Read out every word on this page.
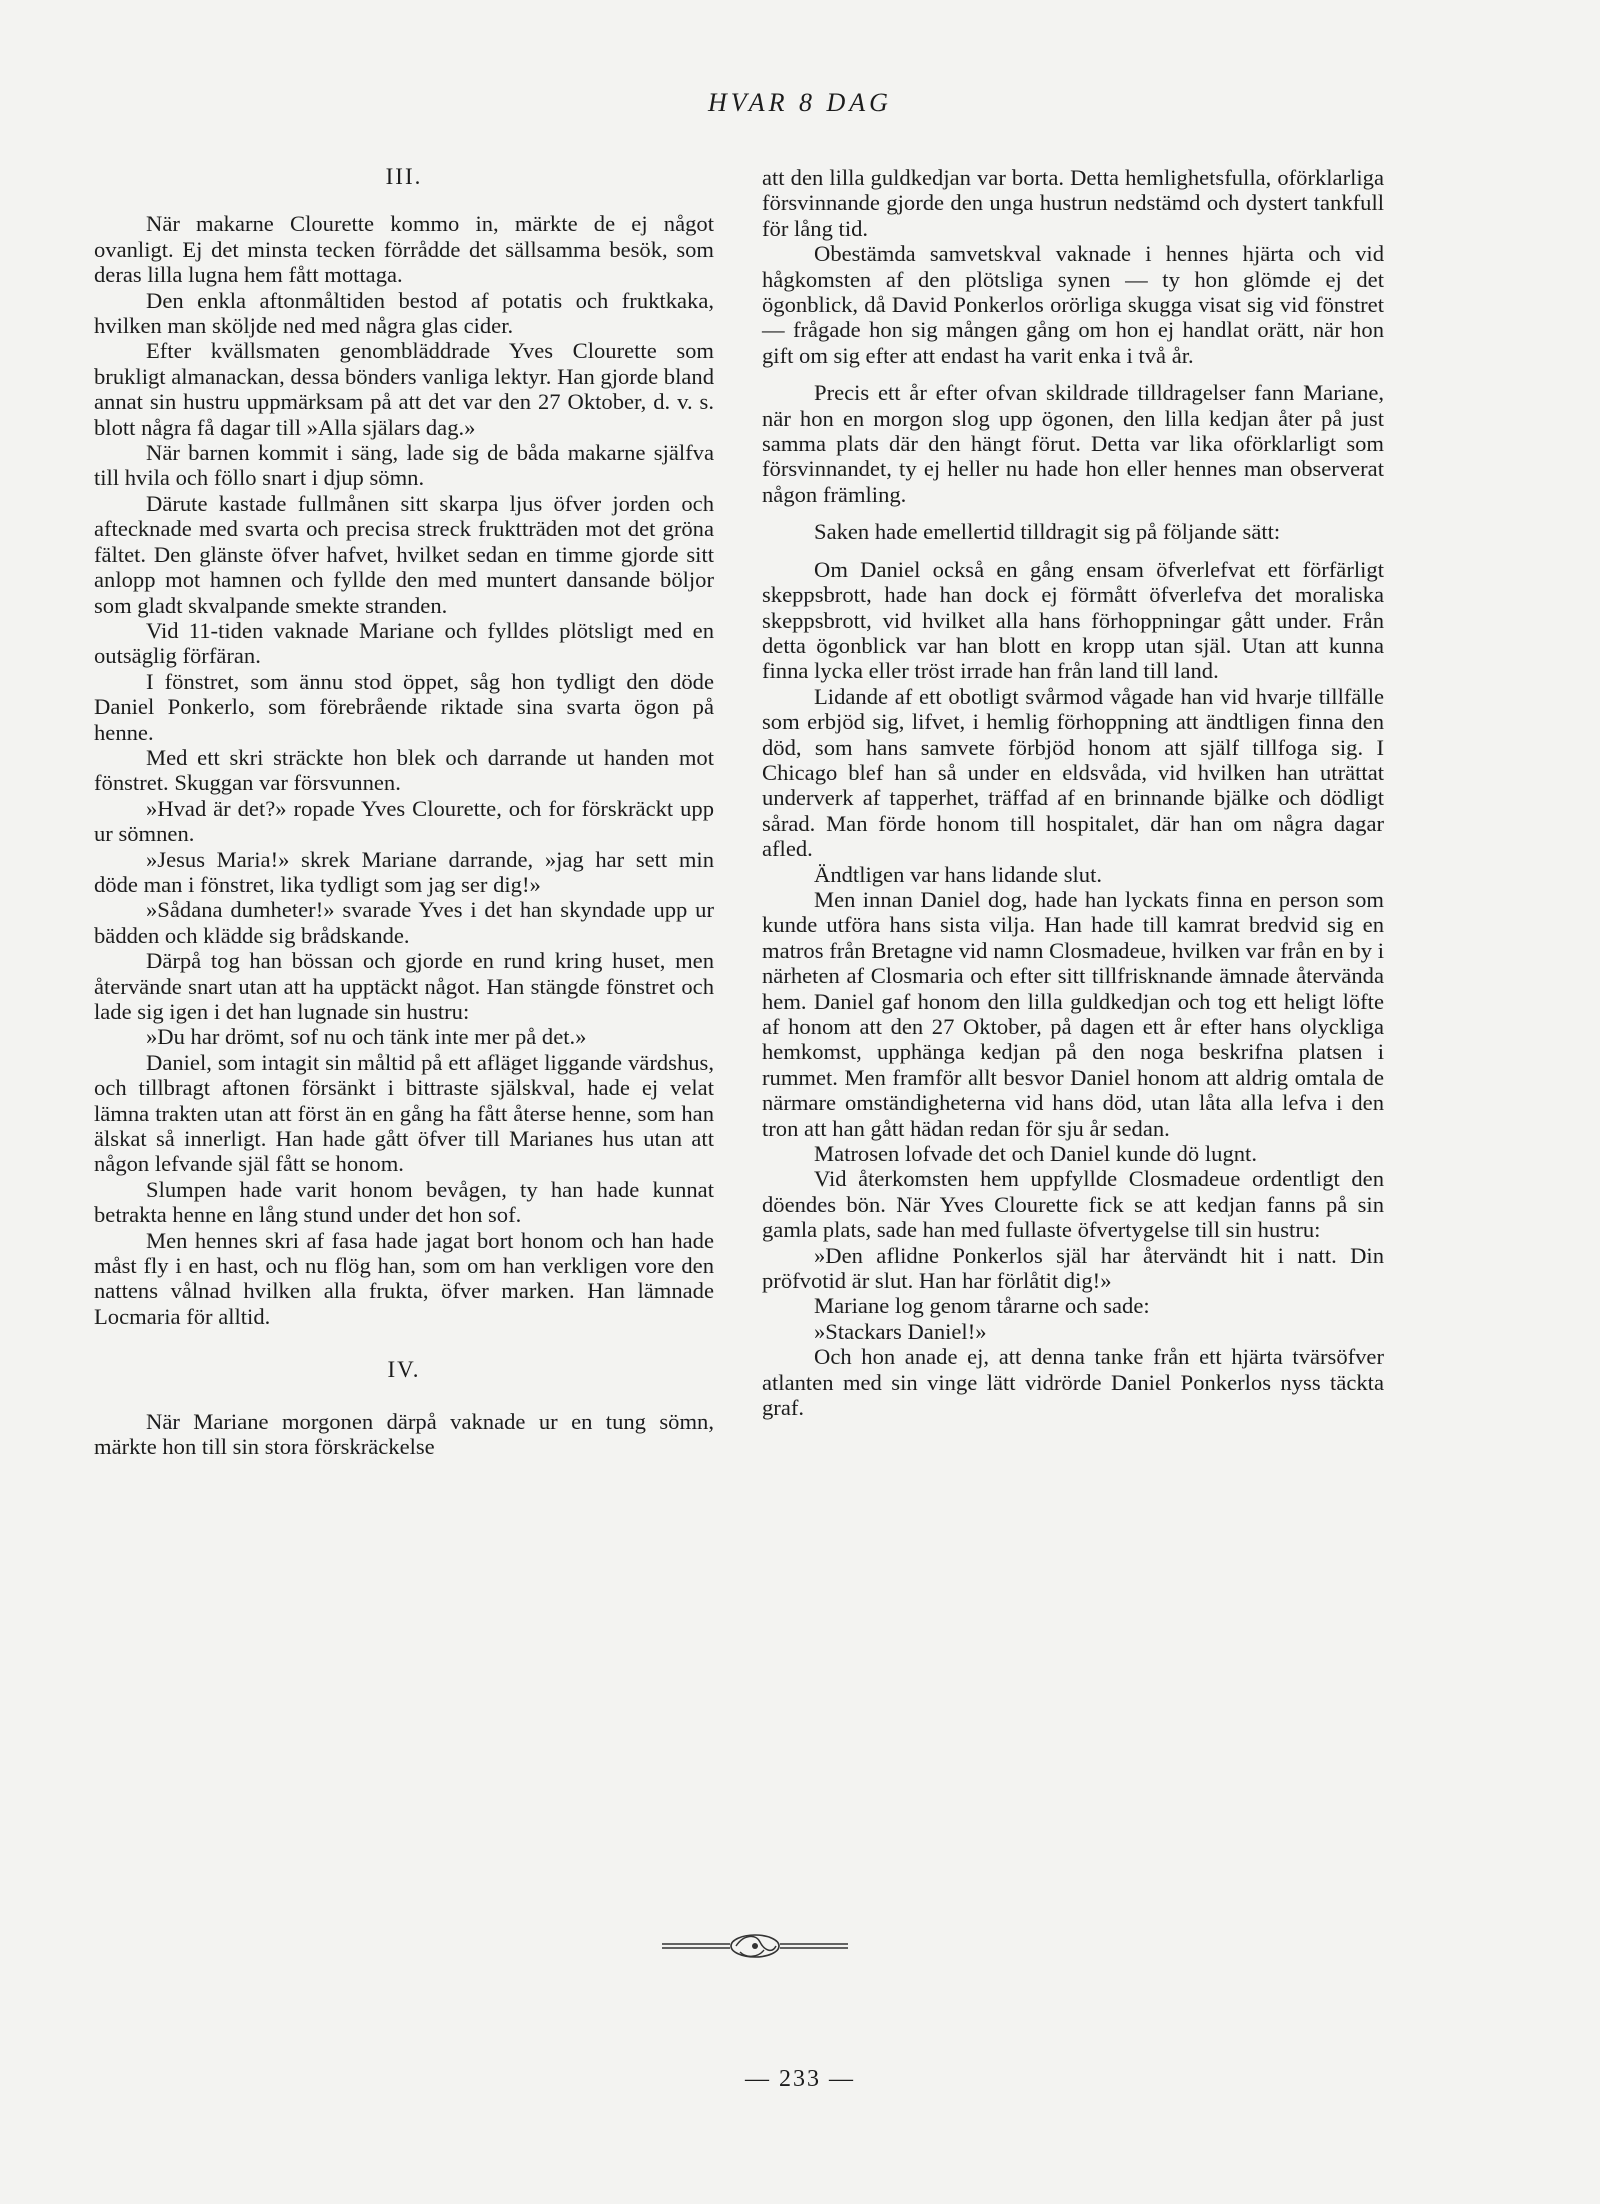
HVAR 8 DAG
III.

När makarne Clourette kommo in, märkte de ej något ovanligt. Ej det minsta tecken förrådde det sällsamma besök, som deras lilla lugna hem fått mottaga.

Den enkla aftonmåltiden bestod af potatis och fruktkaka, hvilken man sköljde ned med några glas cider.

Efter kvällsmaten genombläddrade Yves Clourette som brukligt almanackan, dessa bönders vanliga lektyr. Han gjorde bland annat sin hustru uppmärksam på att det var den 27 Oktober, d. v. s. blott några få dagar till »Alla själars dag.»

När barnen kommit i säng, lade sig de båda makarne själfva till hvila och föllo snart i djup sömn.

Därute kastade fullmånen sitt skarpa ljus öfver jorden och aftecknade med svarta och precisa streck fruktträden mot det gröna fältet. Den glänste öfver hafvet, hvilket sedan en timme gjorde sitt anlopp mot hamnen och fyllde den med muntert dansande böljor som gladt skvalpande smekte stranden.

Vid 11-tiden vaknade Mariane och fylldes plötsligt med en outsäglig förfäran.

I fönstret, som ännu stod öppet, såg hon tydligt den döde Daniel Ponkerlo, som förebrående riktade sina svarta ögon på henne.

Med ett skri sträckte hon blek och darrande ut handen mot fönstret. Skuggan var försvunnen.

»Hvad är det?» ropade Yves Clourette, och for förskräckt upp ur sömnen.

»Jesus Maria!» skrek Mariane darrande, »jag har sett min döde man i fönstret, lika tydligt som jag ser dig!»

»Sådana dumheter!» svarade Yves i det han skyndade upp ur bädden och klädde sig brådskande.

Därpå tog han bössan och gjorde en rund kring huset, men återvände snart utan att ha upptäckt något. Han stängde fönstret och lade sig igen i det han lugnade sin hustru:

»Du har drömt, sof nu och tänk inte mer på det.»

Daniel, som intagit sin måltid på ett afläget liggande värdshus, och tillbragt aftonen försänkt i bittraste själskval, hade ej velat lämna trakten utan att först än en gång ha fått återse henne, som han älskat så innerligt. Han hade gått öfver till Marianes hus utan att någon lefvande själ fått se honom.

Slumpen hade varit honom bevågen, ty han hade kunnat betrakta henne en lång stund under det hon sof.

Men hennes skri af fasa hade jagat bort honom och han hade måst fly i en hast, och nu flög han, som om han verkligen vore den nattens vålnad hvilken alla frukta, öfver marken. Han lämnade Locmaria för alltid.

IV.

När Mariane morgonen därpå vaknade ur en tung sömn, märkte hon till sin stora förskräckelse

att den lilla guldkedjan var borta. Detta hemlighetsfulla, oförklarliga försvinnande gjorde den unga hustrun nedstämd och dystert tankfull för lång tid.

Obestämda samvetskval vaknade i hennes hjärta och vid hågkomsten af den plötsliga synen — ty hon glömde ej det ögonblick, då David Ponkerlos orörliga skugga visat sig vid fönstret — frågade hon sig mången gång om hon ej handlat orätt, när hon gift om sig efter att endast ha varit enka i två år.

Precis ett år efter ofvan skildrade tilldragelser fann Mariane, när hon en morgon slog upp ögonen, den lilla kedjan åter på just samma plats där den hängt förut. Detta var lika oförklarligt som försvinnandet, ty ej heller nu hade hon eller hennes man observerat någon främling.

Saken hade emellertid tilldragit sig på följande sätt:

Om Daniel också en gång ensam öfverlefvat ett förfärligt skeppsbrott, hade han dock ej förmått öfverlefva det moraliska skeppsbrott, vid hvilket alla hans förhoppningar gått under. Från detta ögonblick var han blott en kropp utan själ. Utan att kunna finna lycka eller tröst irrade han från land till land.

Lidande af ett obotligt svårmod vågade han vid hvarje tillfälle som erbjöd sig, lifvet, i hemlig förhoppning att ändtligen finna den död, som hans samvete förbjöd honom att själf tillfoga sig. I Chicago blef han så under en eldsvåda, vid hvilken han uträttat underverk af tapperhet, träffad af en brinnande bjälke och dödligt sårad. Man förde honom till hospitalet, där han om några dagar afled.

Ändtligen var hans lidande slut.

Men innan Daniel dog, hade han lyckats finna en person som kunde utföra hans sista vilja. Han hade till kamrat bredvid sig en matros från Bretagne vid namn Closmadeue, hvilken var från en by i närheten af Closmaria och efter sitt tillfrisknande ämnade återvända hem. Daniel gaf honom den lilla guldkedjan och tog ett heligt löfte af honom att den 27 Oktober, på dagen ett år efter hans olyckliga hemkomst, upphänga kedjan på den noga beskrifna platsen i rummet. Men framför allt besvor Daniel honom att aldrig omtala de närmare omständigheterna vid hans död, utan låta alla lefva i den tron att han gått hädan redan för sju år sedan.

Matrosen lofvade det och Daniel kunde dö lugnt.

Vid återkomsten hem uppfyllde Closmadeue ordentligt den döendes bön. När Yves Clourette fick se att kedjan fanns på sin gamla plats, sade han med fullaste öfvertygelse till sin hustru:

»Den aflidne Ponkerlos själ har återvändt hit i natt. Din pröfvotid är slut. Han har förlåtit dig!»

Mariane log genom tårarne och sade:

»Stackars Daniel!»

Och hon anade ej, att denna tanke från ett hjärta tvärsöfver atlanten med sin vinge lätt vidrörde Daniel Ponkerlos nyss täckta graf.

— 233 —
